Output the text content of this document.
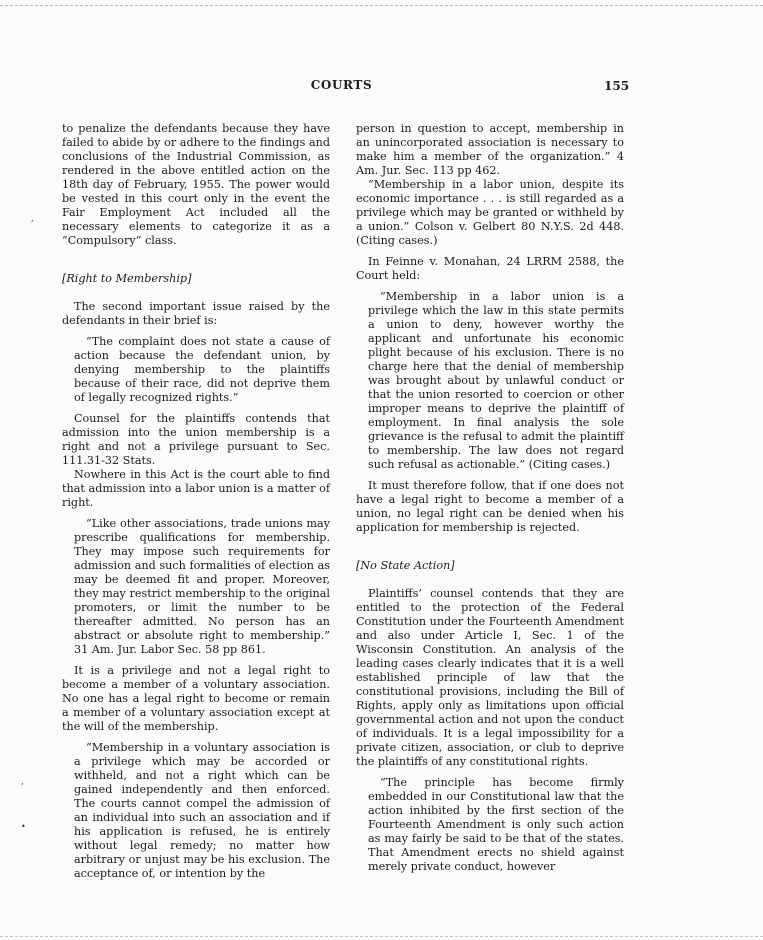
COURTS	155
‚
’
•

to penalize the defendants because they have failed to abide by or adhere to the findings and conclusions of the Industrial Commission, as rendered in the above entitled action on the 18th day of February, 1955. The power would be vested in this court only in the event the Fair Employment Act included all the necessary elements to categorize it as a “Compulsory” class.

[Right to Membership]

The second important issue raised by the defendants in their brief is:

“The complaint does not state a cause of action because the defendant union, by denying membership to the plaintiffs because of their race, did not deprive them of legally recognized rights.”

Counsel for the plaintiffs contends that admission into the union membership is a right and not a privilege pursuant to Sec. 111.31-32 Stats.

Nowhere in this Act is the court able to find that admission into a labor union is a matter of right.

“Like other associations, trade unions may prescribe qualifications for membership. They may impose such requirements for admission and such formalities of election as may be deemed fit and proper. Moreover, they may restrict membership to the original promoters, or limit the number to be thereafter admitted. No person has an abstract or absolute right to membership.” 31 Am. Jur. Labor Sec. 58 pp 861.

It is a privilege and not a legal right to become a member of a voluntary association. No one has a legal right to become or remain a member of a voluntary association except at the will of the membership.

“Membership in a voluntary association is a privilege which may be accorded or withheld, and not a right which can be gained independently and then enforced. The courts cannot compel the admission of an individual into such an association and if his application is refused, he is entirely without legal remedy; no matter how arbitrary or unjust may be his exclusion. The acceptance of, or intention by the

person in question to accept, membership in an unincorporated association is necessary to make him a member of the organization.” 4 Am. Jur. Sec. 113 pp 462.

“Membership in a labor union, despite its economic importance . . . is still regarded as a privilege which may be granted or withheld by a union.” Colson v. Gelbert 80 N.Y.S. 2d 448. (Citing cases.)

In Feinne v. Monahan, 24 LRRM 2588, the Court held:

“Membership in a labor union is a privilege which the law in this state permits a union to deny, however worthy the applicant and unfortunate his economic plight because of his exclusion. There is no charge here that the denial of membership was brought about by unlawful conduct or that the union resorted to coercion or other improper means to deprive the plaintiff of employment. In final analysis the sole grievance is the refusal to admit the plaintiff to membership. The law does not regard such refusal as actionable.” (Citing cases.)

It must therefore follow, that if one does not have a legal right to become a member of a union, no legal right can be denied when his application for membership is rejected.

[No State Action]

Plaintiffs’ counsel contends that they are entitled to the protection of the Federal Constitution under the Fourteenth Amendment and also under Article I, Sec. 1 of the Wisconsin Constitution. An analysis of the leading cases clearly indicates that it is a well established principle of law that the constitutional provisions, including the Bill of Rights, apply only as limitations upon official governmental action and not upon the conduct of individuals. It is a legal impossibility for a private citizen, association, or club to deprive the plaintiffs of any constitutional rights.

“The principle has become firmly embedded in our Constitutional law that the action inhibited by the first section of the Fourteenth Amendment is only such action as may fairly be said to be that of the states. That Amendment erects no shield against merely private conduct, however
